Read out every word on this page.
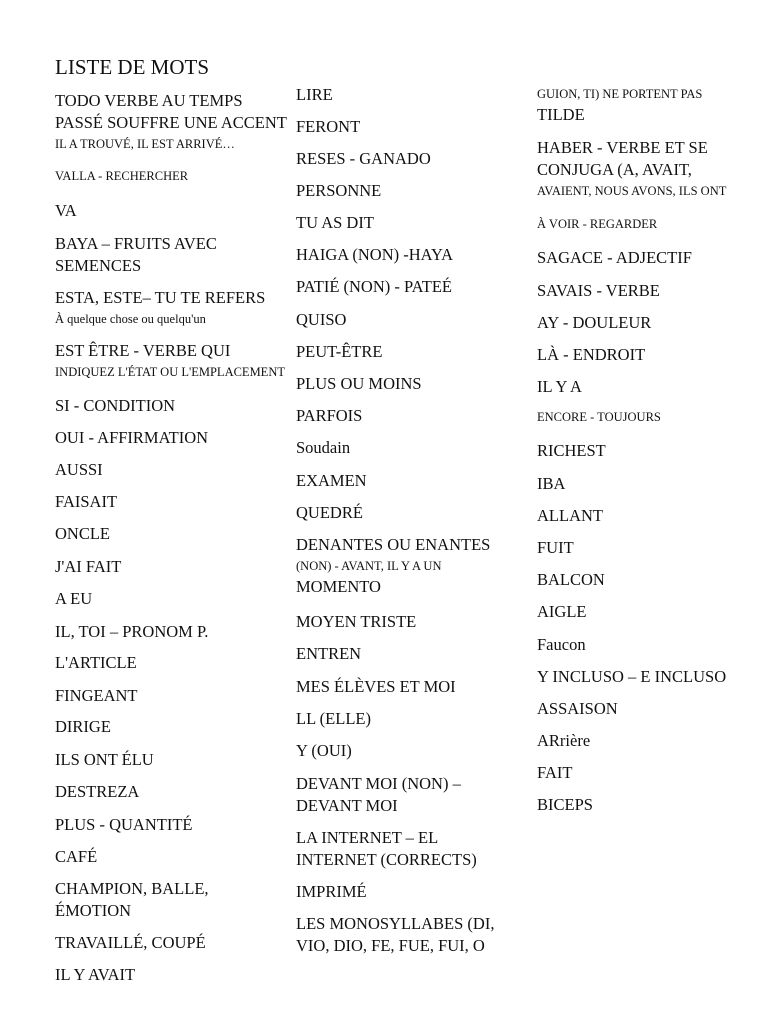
LISTE DE MOTS
TODO VERBE AU TEMPS
PASSÉ SOUFFRE UNE ACCENT
IL A TROUVÉ, IL EST ARRIVÉ…
VALLA - RECHERCHER
VA
BAYA – FRUITS AVEC
SEMENCES
ESTA, ESTE– TU TE REFERS
À quelque chose ou quelqu'un
EST ÊTRE - VERBE QUI
INDIQUEZ L'ÉTAT OU L'EMPLACEMENT
SI - CONDITION
OUI - AFFIRMATION
AUSSI
FAISAIT
ONCLE
J'AI FAIT
A EU
IL, TOI – PRONOM P.
L'ARTICLE
FINGEANT
DIRIGE
ILS ONT ÉLU
DESTREZA
PLUS - QUANTITÉ
CAFÉ
CHAMPION, BALLE,
ÉMOTION
TRAVAILLÉ, COUPÉ
IL Y AVAIT
LIRE
FERONT
RESES - GANADO
PERSONNE
TU AS DIT
HAIGA (NON) -HAYA
PATIÉ (NON) - PATEÉ
QUISO
PEUT-ÊTRE
PLUS OU MOINS
PARFOIS
Soudain
EXAMEN
QUEDRÉ
DENANTES OU ENANTES
(NON) - AVANT, IL Y A UN
MOMENTO
MOYEN TRISTE
ENTREN
MES ÉLÈVES ET MOI
LL (ELLE)
Y (OUI)
DEVANT MOI (NON) –
DEVANT MOI
LA INTERNET – EL
INTERNET (CORRECTS)
IMPRIMÉ
LES MONOSYLLABES (DI,
VIO, DIO, FE, FUE, FUI, O
GUION, TI) NE PORTENT PAS
TILDE
HABER - VERBE ET SE
CONJUGA (A, AVAIT,
AVAIENT, NOUS AVONS, ILS ONT
À VOIR - REGARDER
SAGACE - ADJECTIF
SAVAIS - VERBE
AY - DOULEUR
LÀ - ENDROIT
IL Y A
ENCORE - TOUJOURS
RICHEST
IBA
ALLANT
FUIT
BALCON
AIGLE
Faucon
Y INCLUSO – E INCLUSO
ASSAISON
ARrière
FAIT
BICEPS
